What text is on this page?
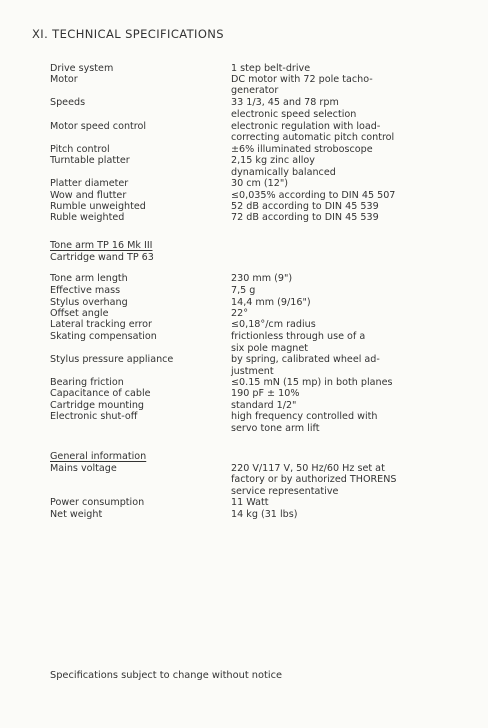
XI. TECHNICAL SPECIFICATIONS
Drive system	1 step belt-drive
Motor	DC motor with 72 pole tacho-
generator
Speeds	33 1/3, 45 and 78 rpm
electronic speed selection
Motor speed control	electronic regulation with load-
correcting automatic pitch control
Pitch control	±6% illuminated stroboscope
Turntable platter	2,15 kg zinc alloy
dynamically balanced
Platter diameter	30 cm (12")
Wow and flutter	≤0,035% according to DIN 45 507
Rumble unweighted	52 dB according to DIN 45 539
Ruble weighted	72 dB according to DIN 45 539
Tone arm TP 16 Mk III
Cartridge wand TP 63
Tone arm length	230 mm (9")
Effective mass	7,5 g
Stylus overhang	14,4 mm (9/16")
Offset angle	22°
Lateral tracking error	≤0,18°/cm radius
Skating compensation	frictionless through use of a
six pole magnet
Stylus pressure appliance	by spring, calibrated wheel ad-
justment
Bearing friction	≤0.15 mN (15 mp) in both planes
Capacitance of cable	190 pF ± 10%
Cartridge mounting	standard 1/2"
Electronic shut-off	high frequency controlled with
servo tone arm lift
General information
Mains voltage	220 V/117 V, 50 Hz/60 Hz set at
factory or by authorized THORENS
service representative
Power consumption	11 Watt
Net weight	14 kg (31 lbs)
Specifications subject to change without notice
